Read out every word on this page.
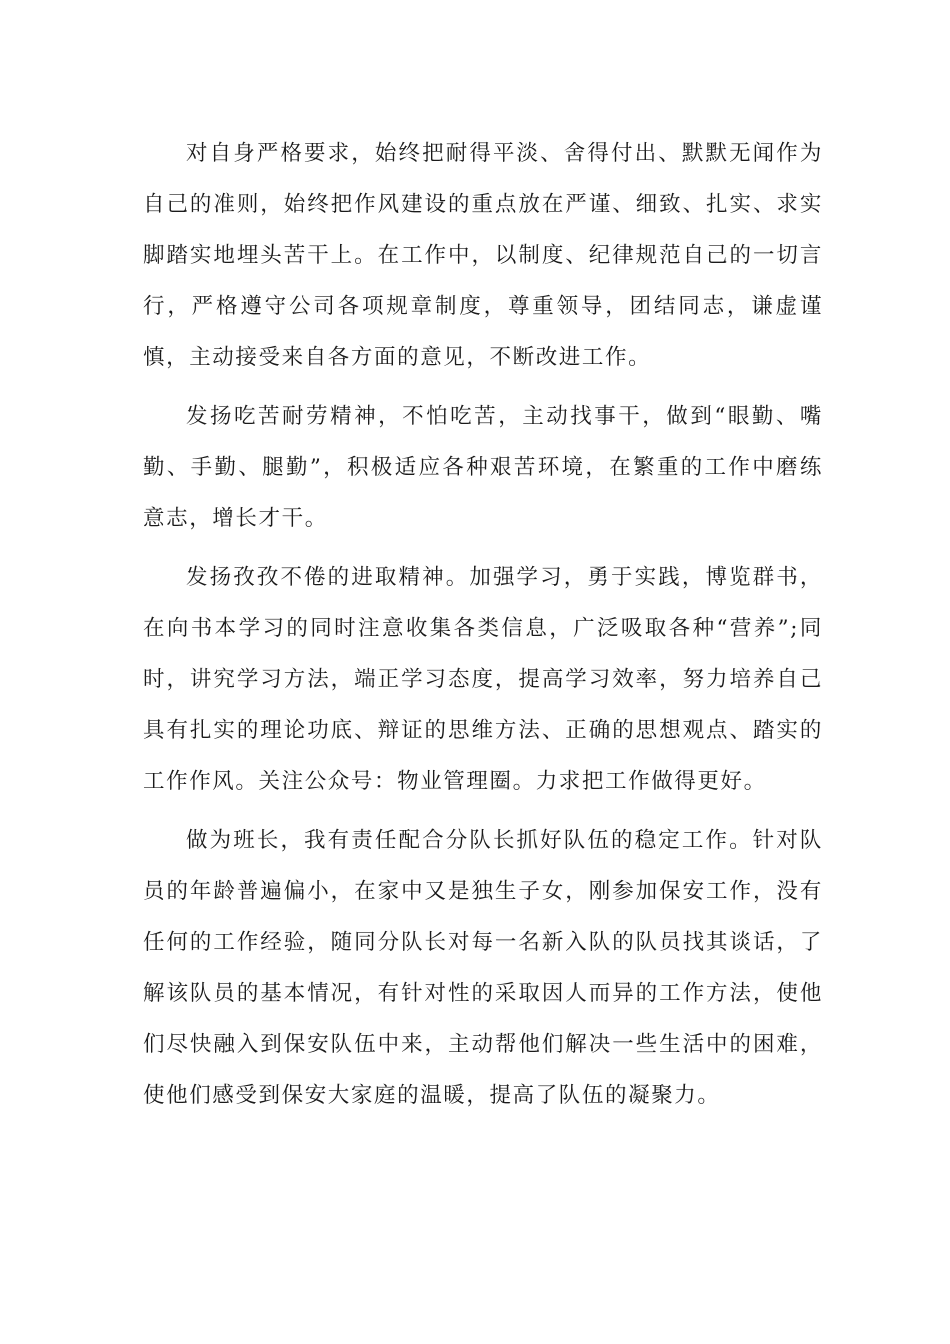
对自身严格要求，始终把耐得平淡、舍得付出、默默无闻作为自己的准则，始终把作风建设的重点放在严谨、细致、扎实、求实脚踏实地埋头苦干上。在工作中，以制度、纪律规范自己的一切言行，严格遵守公司各项规章制度，尊重领导，团结同志，谦虚谨慎，主动接受来自各方面的意见，不断改进工作。

发扬吃苦耐劳精神，不怕吃苦，主动找事干，做到“眼勤、嘴勤、手勤、腿勤”，积极适应各种艰苦环境，在繁重的工作中磨练意志，增长才干。

发扬孜孜不倦的进取精神。加强学习，勇于实践，博览群书，在向书本学习的同时注意收集各类信息，广泛吸取各种“营养”;同时，讲究学习方法，端正学习态度，提高学习效率，努力培养自己具有扎实的理论功底、辩证的思维方法、正确的思想观点、踏实的工作作风。关注公众号：物业管理圈。力求把工作做得更好。

做为班长，我有责任配合分队长抓好队伍的稳定工作。针对队员的年龄普遍偏小，在家中又是独生子女，刚参加保安工作，没有任何的工作经验，随同分队长对每一名新入队的队员找其谈话，了解该队员的基本情况，有针对性的采取因人而异的工作方法，使他们尽快融入到保安队伍中来，主动帮他们解决一些生活中的困难，使他们感受到保安大家庭的温暖，提高了队伍的凝聚力。
